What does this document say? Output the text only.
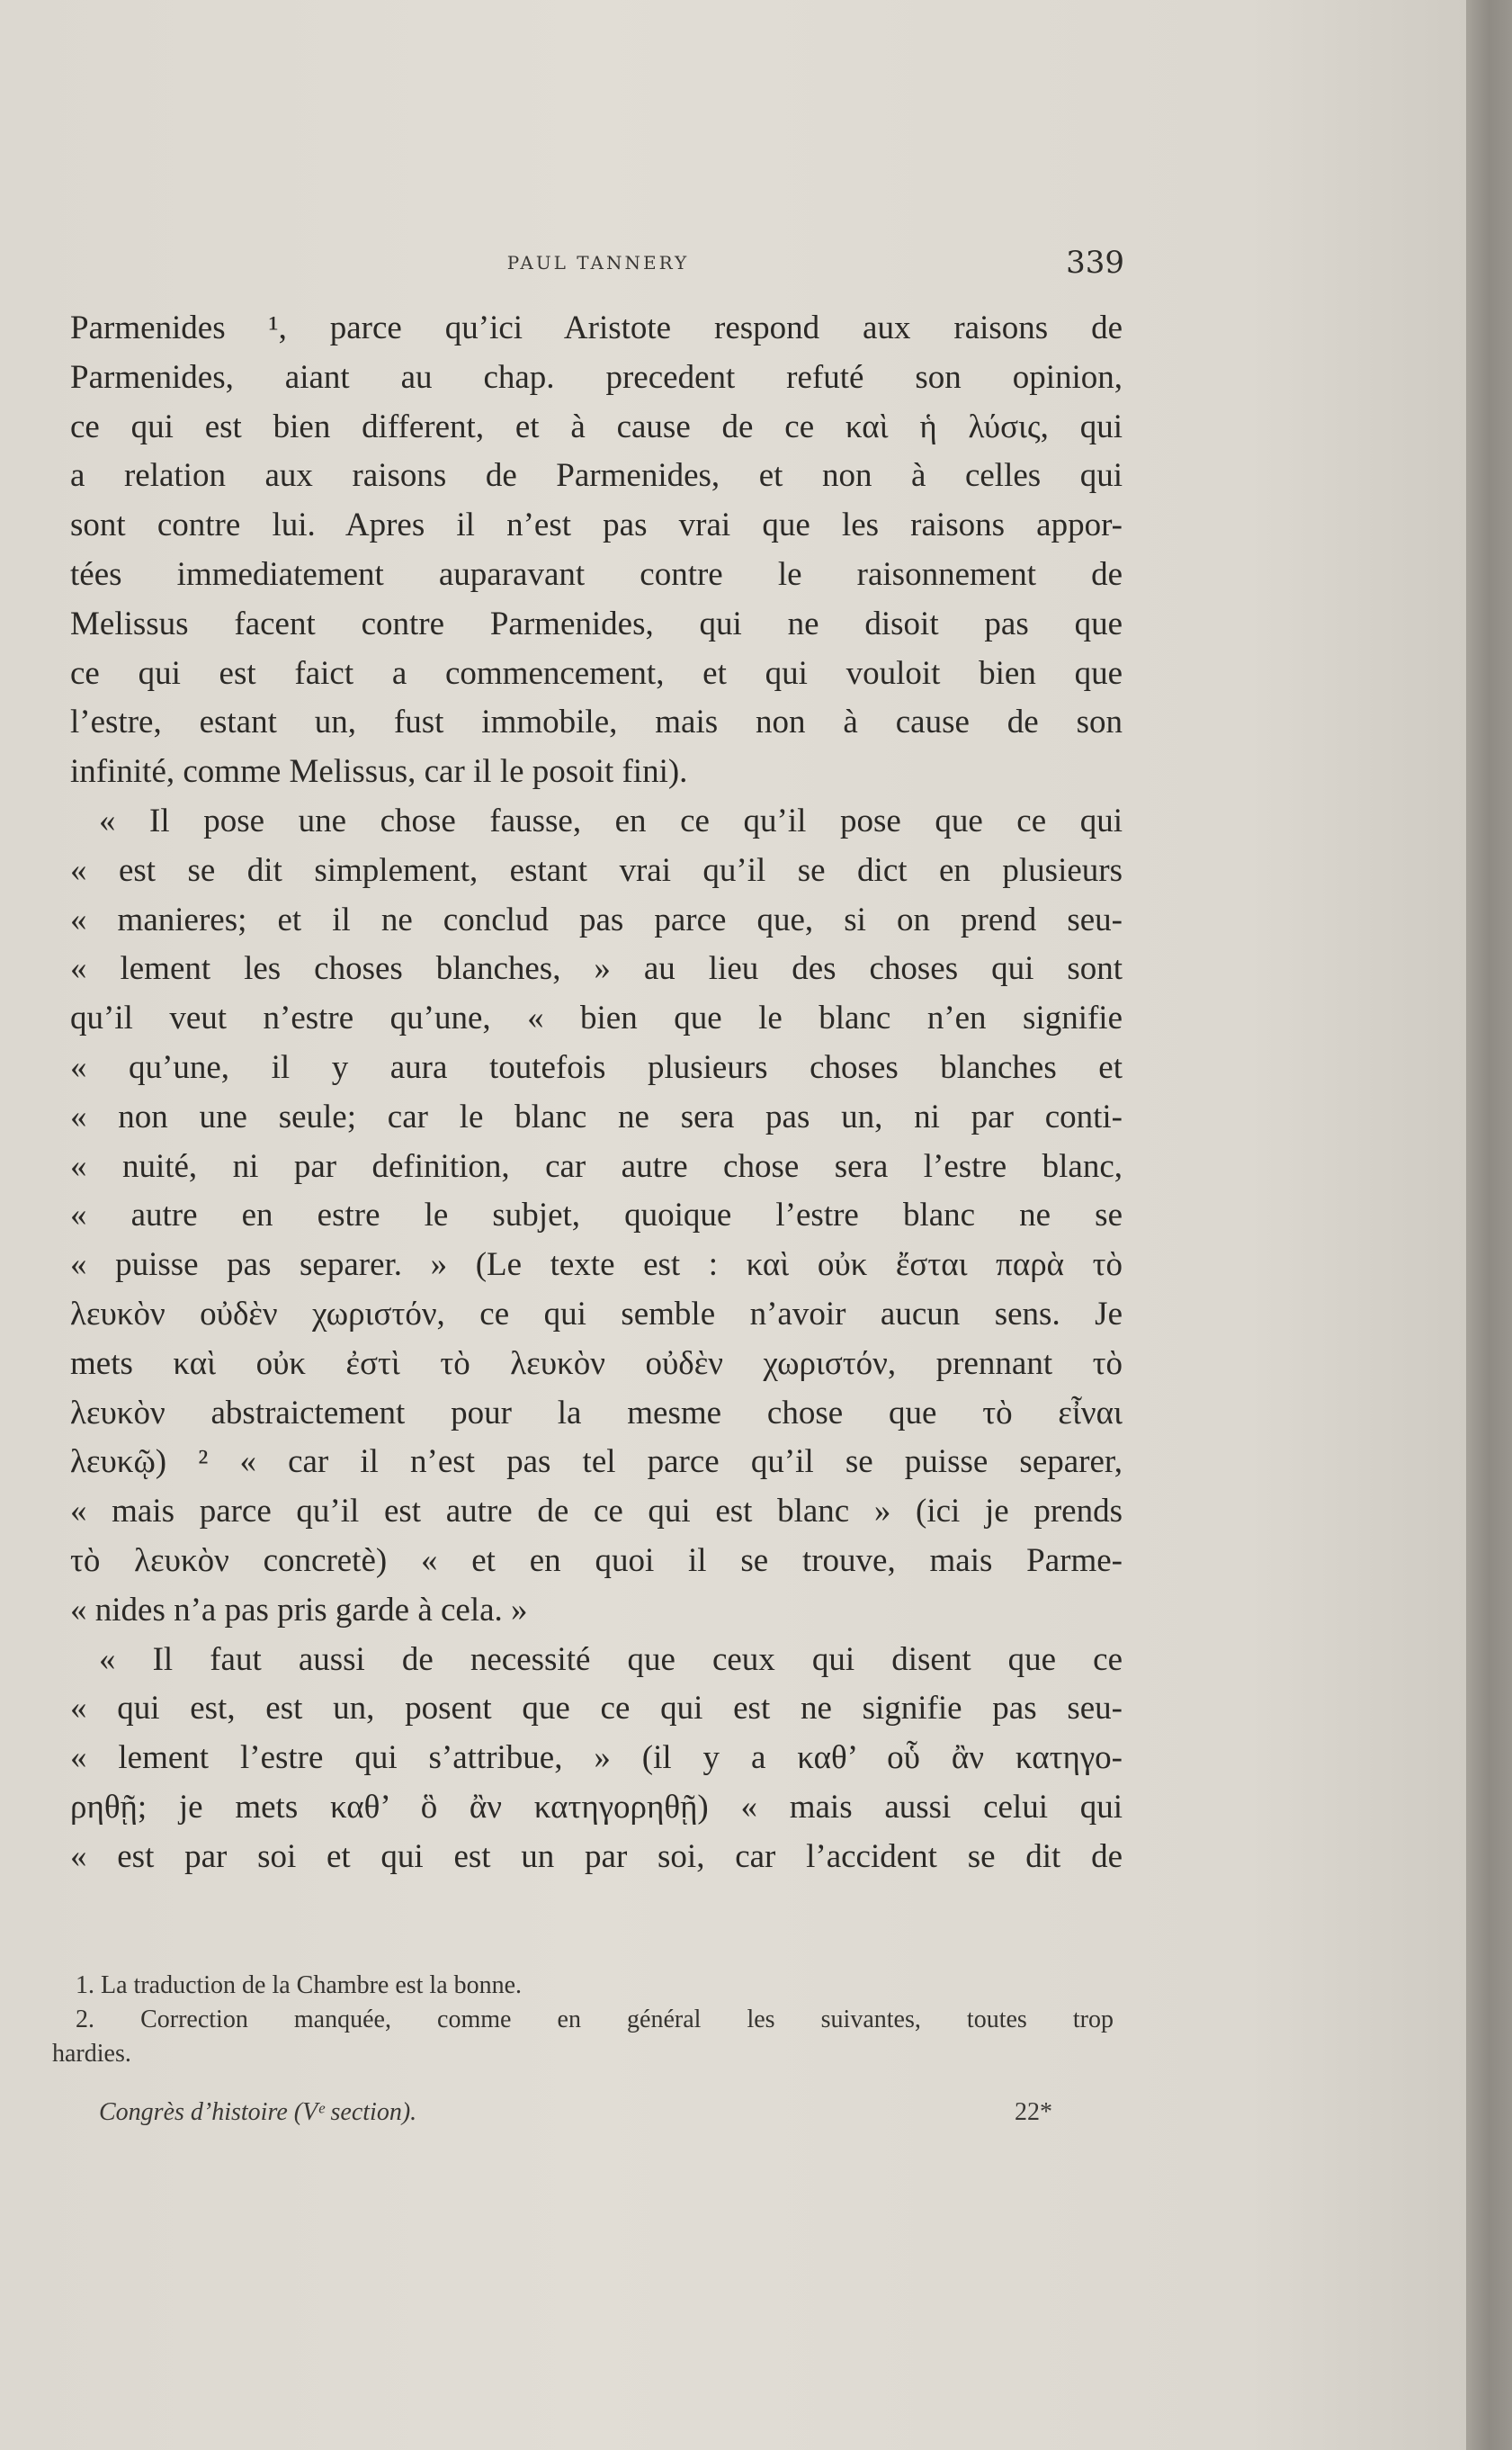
PAUL TANNERY	339
Parmenides ¹, parce qu’ici Aristote respond aux raisons de
Parmenides, aiant au chap. precedent refuté son opinion,
ce qui est bien different, et à cause de ce καὶ ἡ λύσις, qui
a relation aux raisons de Parmenides, et non à celles qui
sont contre lui. Apres il n’est pas vrai que les raisons appor-
tées immediatement auparavant contre le raisonnement de
Melissus facent contre Parmenides, qui ne disoit pas que
ce qui est faict a commencement, et qui vouloit bien que
l’estre, estant un, fust immobile, mais non à cause de son
infinité, comme Melissus, car il le posoit fini).
« Il pose une chose fausse, en ce qu’il pose que ce qui
« est se dit simplement, estant vrai qu’il se dict en plusieurs
« manieres; et il ne conclud pas parce que, si on prend seu-
« lement les choses blanches, » au lieu des choses qui sont
qu’il veut n’estre qu’une, « bien que le blanc n’en signifie
« qu’une, il y aura toutefois plusieurs choses blanches et
« non une seule; car le blanc ne sera pas un, ni par conti-
« nuité, ni par definition, car autre chose sera l’estre blanc,
« autre en estre le subjet, quoique l’estre blanc ne se
« puisse pas separer. » (Le texte est : καὶ οὐκ ἔσται παρὰ τὸ
λευκὸν οὐδὲν χωριστόν, ce qui semble n’avoir aucun sens. Je
mets καὶ οὐκ ἐστὶ τὸ λευκὸν οὐδὲν χωριστόν, prennant τὸ
λευκὸν abstraictement pour la mesme chose que τὸ εἶναι
λευκῷ) ² « car il n’est pas tel parce qu’il se puisse separer,
« mais parce qu’il est autre de ce qui est blanc » (ici je prends
τὸ λευκὸν concretè) « et en quoi il se trouve, mais Parme-
« nides n’a pas pris garde à cela. »
« Il faut aussi de necessité que ceux qui disent que ce
« qui est, est un, posent que ce qui est ne signifie pas seu-
« lement l’estre qui s’attribue, » (il y a καθ’ οὗ ἂν κατηγο-
ρηθῇ; je mets καθ’ ὃ ἂν κατηγορηθῇ) « mais aussi celui qui
« est par soi et qui est un par soi, car l’accident se dit de
1. La traduction de la Chambre est la bonne.
2. Correction manquée, comme en général les suivantes, toutes trop
hardies.
Congrès d’histoire (Vᵉ section).	22*
